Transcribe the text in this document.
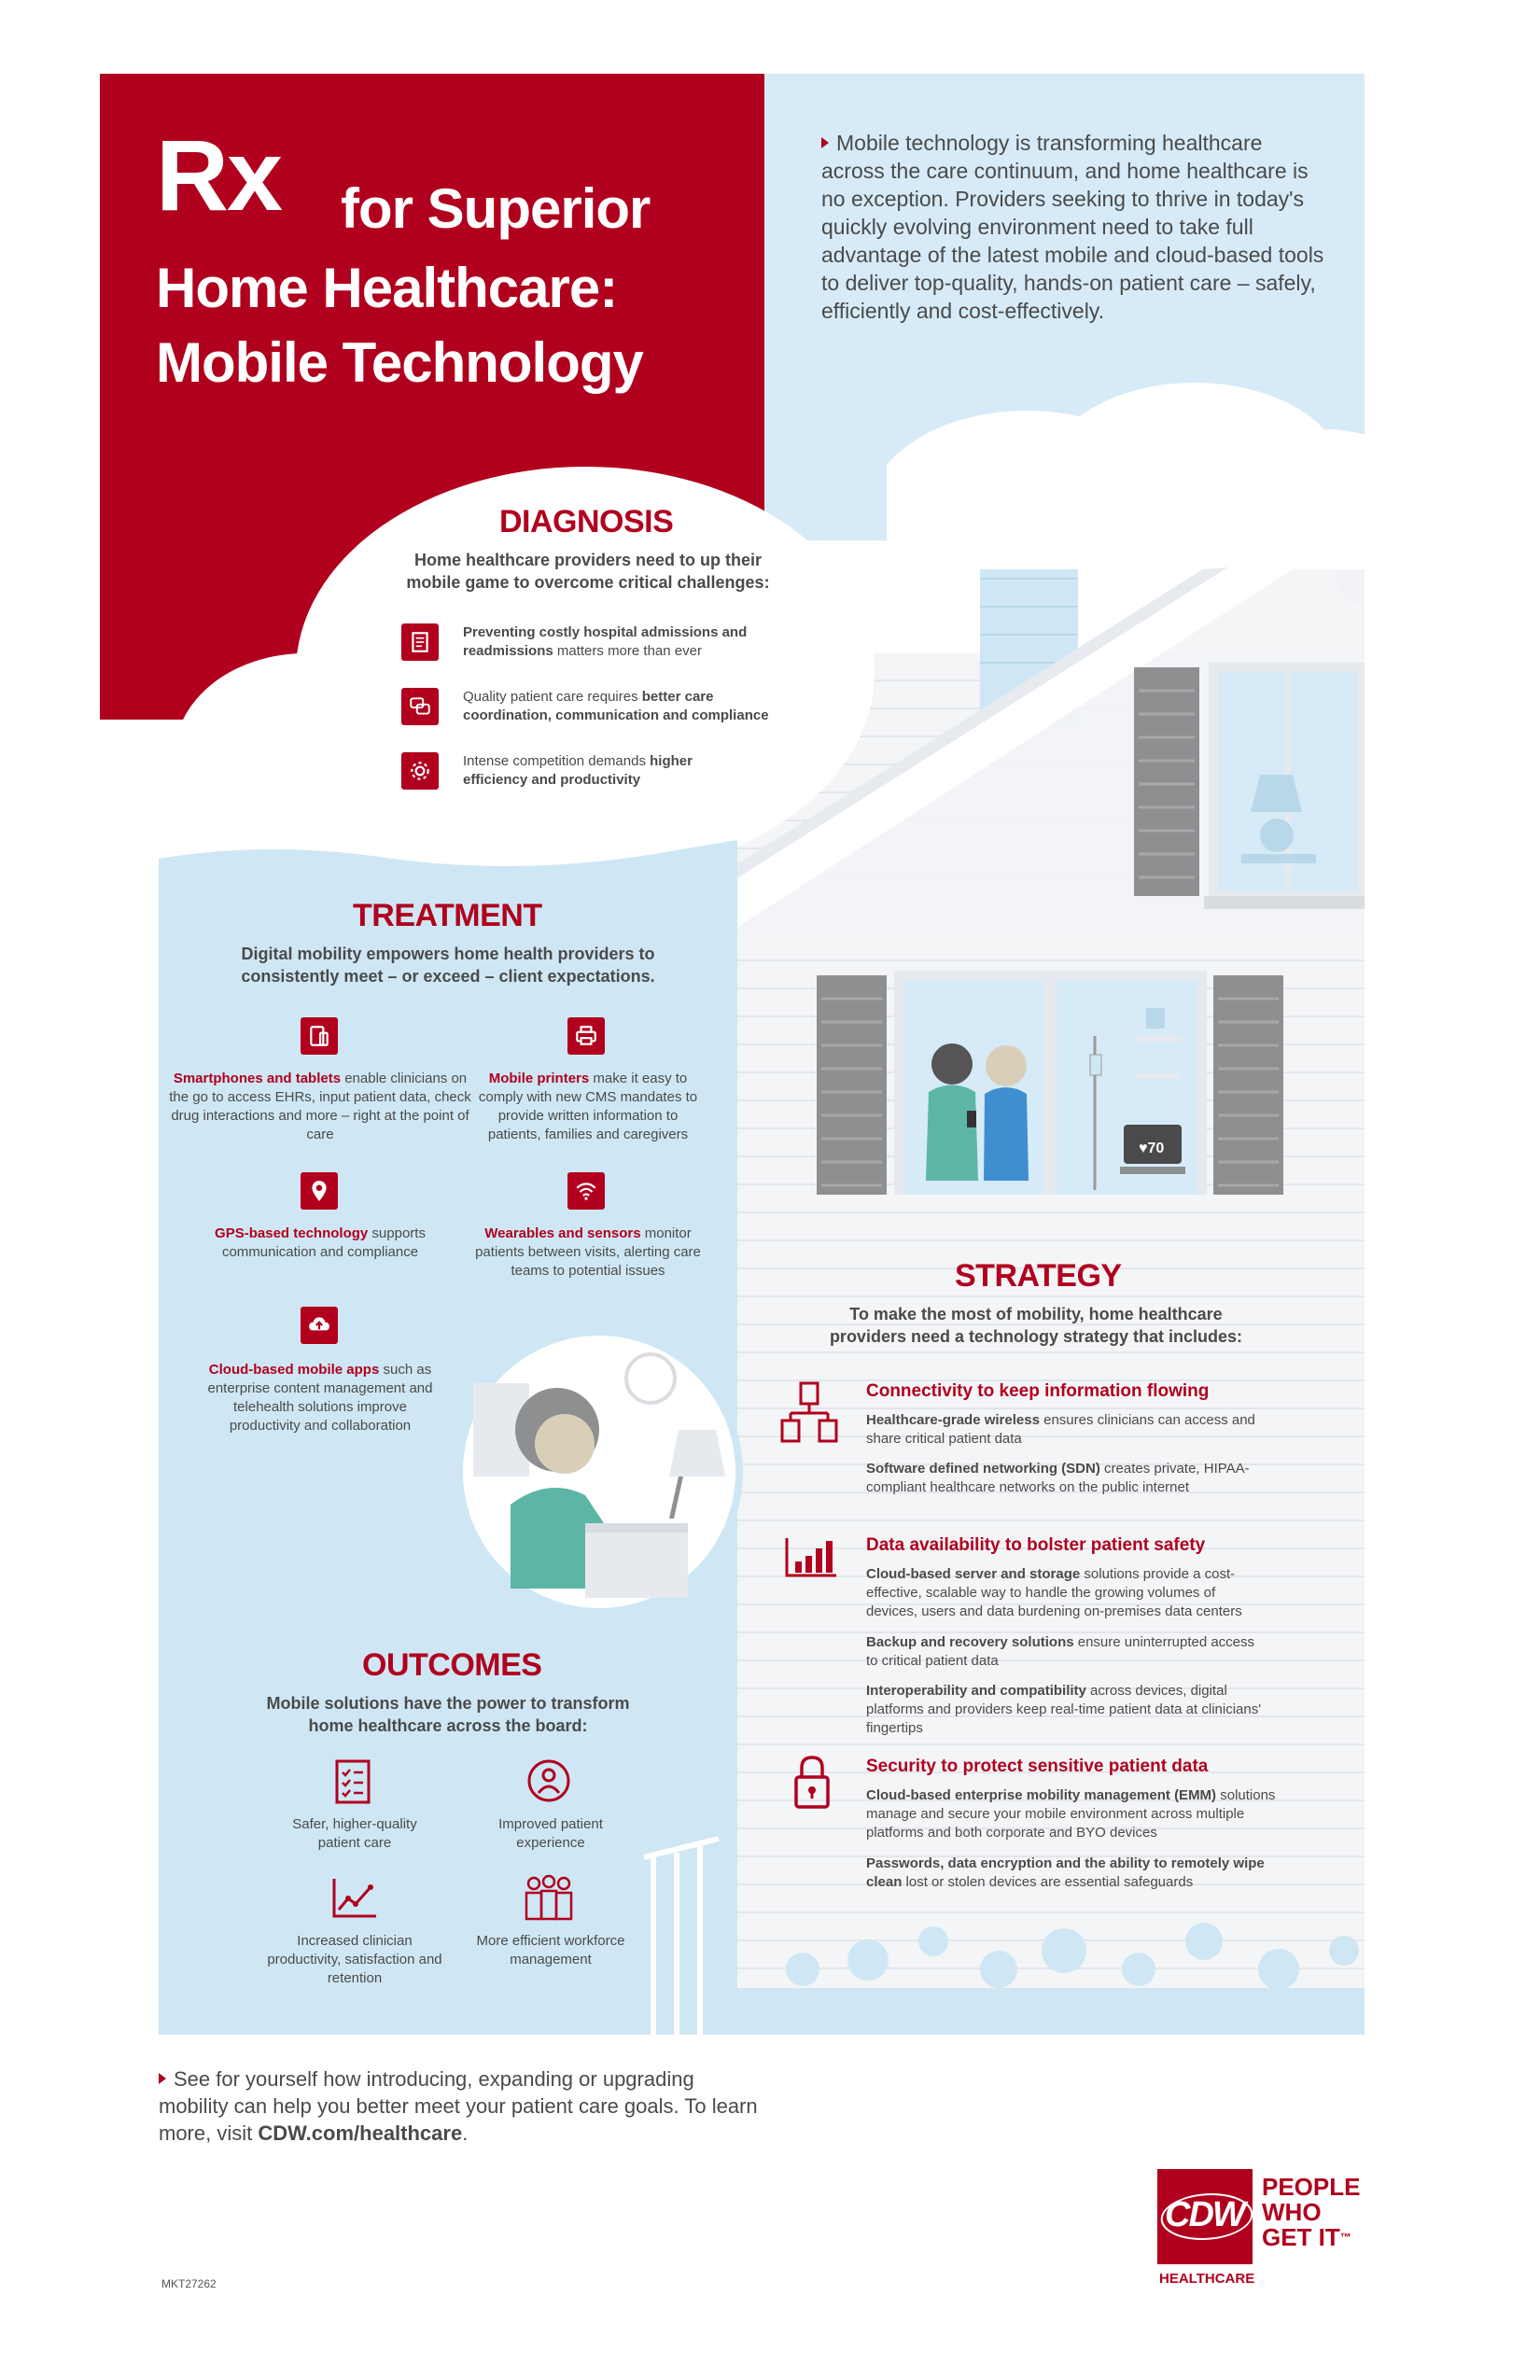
♥70
Rx for Superior
Home Healthcare:
Mobile Technology
Mobile technology is transforming healthcare across the care continuum, and home healthcare is no exception. Providers seeking to thrive in today's quickly evolving environment need to take full advantage of the latest mobile and cloud-based tools to deliver top-quality, hands-on patient care – safely, efficiently and cost-effectively.
DIAGNOSIS
Home healthcare providers need to up their mobile game to overcome critical challenges:
Preventing costly hospital admissions and readmissions matters more than ever
Quality patient care requires better care coordination, communication and compliance
Intense competition demands higher efficiency and productivity
TREATMENT
Digital mobility empowers home health providers to consistently meet – or exceed – client expectations.
Smartphones and tablets enable clinicians on the go to access EHRs, input patient data, check drug interactions and more – right at the point of care
Mobile printers make it easy to comply with new CMS mandates to provide written information to patients, families and caregivers
GPS-based technology supports communication and compliance
Wearables and sensors monitor patients between visits, alerting care teams to potential issues
Cloud-based mobile apps such as enterprise content management and telehealth solutions improve productivity and collaboration
OUTCOMES
Mobile solutions have the power to transform home healthcare across the board:
Safer, higher-quality patient care
Improved patient experience
Increased clinician productivity, satisfaction and retention
More efficient workforce management
STRATEGY
To make the most of mobility, home healthcare providers need a technology strategy that includes:
Connectivity to keep information flowing
Healthcare-grade wireless ensures clinicians can access and share critical patient data
Software defined networking (SDN) creates private, HIPAA-compliant healthcare networks on the public internet
Data availability to bolster patient safety
Cloud-based server and storage solutions provide a cost-effective, scalable way to handle the growing volumes of devices, users and data burdening on-premises data centers
Backup and recovery solutions ensure uninterrupted access to critical patient data
Interoperability and compatibility across devices, digital platforms and providers keep real-time patient data at clinicians' fingertips
Security to protect sensitive patient data
Cloud-based enterprise mobility management (EMM) solutions manage and secure your mobile environment across multiple platforms and both corporate and BYO devices
Passwords, data encryption and the ability to remotely wipe clean lost or stolen devices are essential safeguards
See for yourself how introducing, expanding or upgrading mobility can help you better meet your patient care goals. To learn more, visit CDW.com/healthcare.
MKT27262
CDW
PEOPLE
WHO
GET IT™
HEALTHCARE
